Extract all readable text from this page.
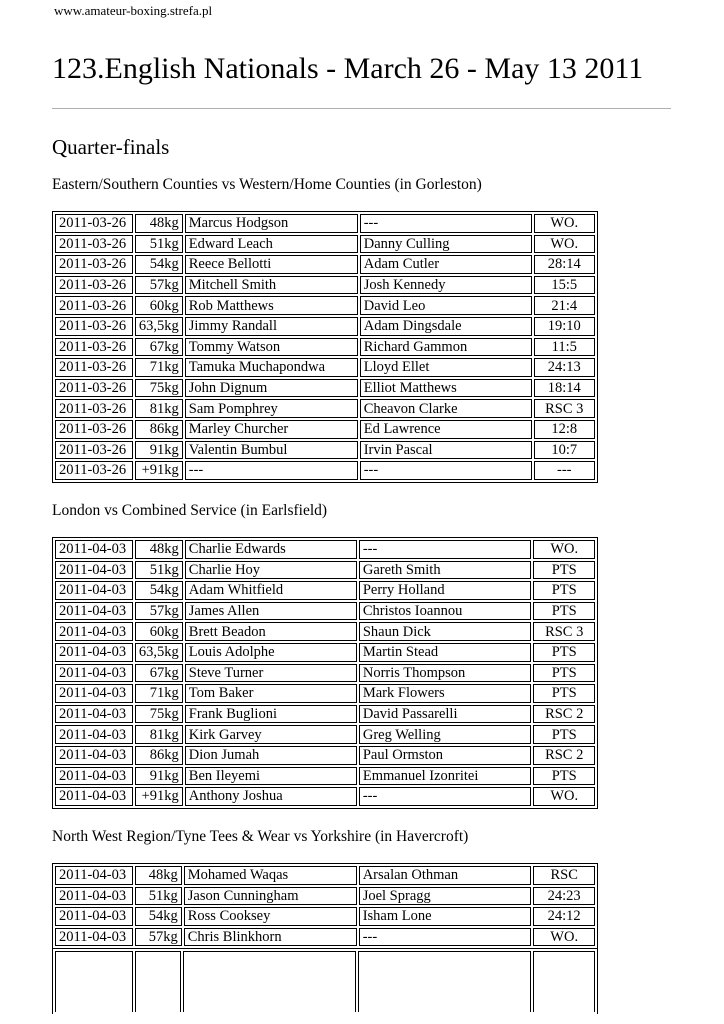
www.amateur-boxing.strefa.pl
123.English Nationals - March 26 - May 13 2011
Quarter-finals
Eastern/Southern Counties vs Western/Home Counties (in Gorleston)
2011-03-26	48kg	Marcus Hodgson	---	WO.
2011-03-26	51kg	Edward Leach	Danny Culling	WO.
2011-03-26	54kg	Reece Bellotti	Adam Cutler	28:14
2011-03-26	57kg	Mitchell Smith	Josh Kennedy	15:5
2011-03-26	60kg	Rob Matthews	David Leo	21:4
2011-03-26	63,5kg	Jimmy Randall	Adam Dingsdale	19:10
2011-03-26	67kg	Tommy Watson	Richard Gammon	11:5
2011-03-26	71kg	Tamuka Muchapondwa	Lloyd Ellet	24:13
2011-03-26	75kg	John Dignum	Elliot Matthews	18:14
2011-03-26	81kg	Sam Pomphrey	Cheavon Clarke	RSC 3
2011-03-26	86kg	Marley Churcher	Ed Lawrence	12:8
2011-03-26	91kg	Valentin Bumbul	Irvin Pascal	10:7
2011-03-26	+91kg	---	---	---
London vs Combined Service (in Earlsfield)
2011-04-03	48kg	Charlie Edwards	---	WO.
2011-04-03	51kg	Charlie Hoy	Gareth Smith	PTS
2011-04-03	54kg	Adam Whitfield	Perry Holland	PTS
2011-04-03	57kg	James Allen	Christos Ioannou	PTS
2011-04-03	60kg	Brett Beadon	Shaun Dick	RSC 3
2011-04-03	63,5kg	Louis Adolphe	Martin Stead	PTS
2011-04-03	67kg	Steve Turner	Norris Thompson	PTS
2011-04-03	71kg	Tom Baker	Mark Flowers	PTS
2011-04-03	75kg	Frank Buglioni	David Passarelli	RSC 2
2011-04-03	81kg	Kirk Garvey	Greg Welling	PTS
2011-04-03	86kg	Dion Jumah	Paul Ormston	RSC 2
2011-04-03	91kg	Ben Ileyemi	Emmanuel Izonritei	PTS
2011-04-03	+91kg	Anthony Joshua	---	WO.
North West Region/Tyne Tees & Wear vs Yorkshire (in Havercroft)
2011-04-03	48kg	Mohamed Waqas	Arsalan Othman	RSC
2011-04-03	51kg	Jason Cunningham	Joel Spragg	24:23
2011-04-03	54kg	Ross Cooksey	Isham Lone	24:12
2011-04-03	57kg	Chris Blinkhorn	---	WO.
